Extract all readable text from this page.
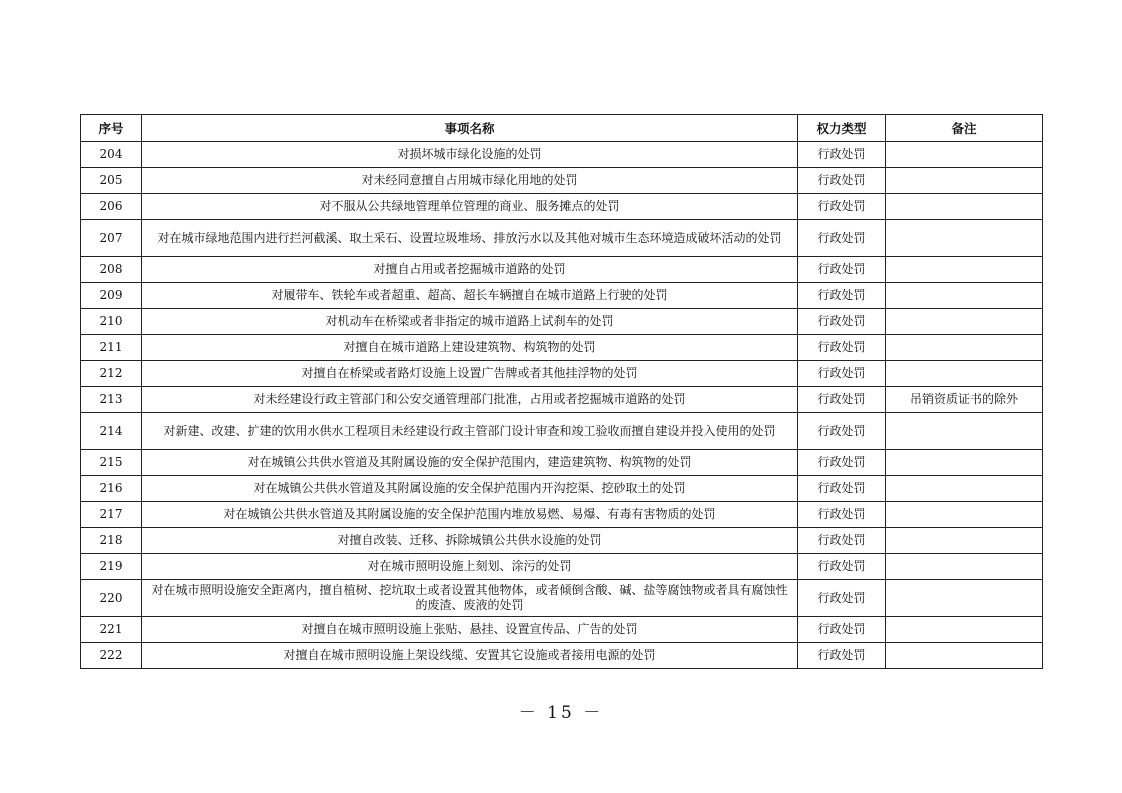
序号	事项名称	权力类型	备注
204	对损坏城市绿化设施的处罚	行政处罚	
205	对未经同意擅自占用城市绿化用地的处罚	行政处罚	
206	对不服从公共绿地管理单位管理的商业、服务摊点的处罚	行政处罚	
207	对在城市绿地范围内进行拦河截溪、取土采石、设置垃圾堆场、排放污水以及其他对城市生态环境造成破坏活动的处罚	行政处罚	
208	对擅自占用或者挖掘城市道路的处罚	行政处罚	
209	对履带车、铁轮车或者超重、超高、超长车辆擅自在城市道路上行驶的处罚	行政处罚	
210	对机动车在桥梁或者非指定的城市道路上试刹车的处罚	行政处罚	
211	对擅自在城市道路上建设建筑物、构筑物的处罚	行政处罚	
212	对擅自在桥梁或者路灯设施上设置广告牌或者其他挂浮物的处罚	行政处罚	
213	对未经建设行政主管部门和公安交通管理部门批准，占用或者挖掘城市道路的处罚	行政处罚	吊销资质证书的除外
214	对新建、改建、扩建的饮用水供水工程项目未经建设行政主管部门设计审查和竣工验收而擅自建设并投入使用的处罚	行政处罚	
215	对在城镇公共供水管道及其附属设施的安全保护范围内，建造建筑物、构筑物的处罚	行政处罚	
216	对在城镇公共供水管道及其附属设施的安全保护范围内开沟挖渠、挖砂取土的处罚	行政处罚	
217	对在城镇公共供水管道及其附属设施的安全保护范围内堆放易燃、易爆、有毒有害物质的处罚	行政处罚	
218	对擅自改装、迁移、拆除城镇公共供水设施的处罚	行政处罚	
219	对在城市照明设施上刻划、涂污的处罚	行政处罚	
220	对在城市照明设施安全距离内，擅自植树、挖坑取土或者设置其他物体，或者倾倒含酸、碱、盐等腐蚀物或者具有腐蚀性的废渣、废液的处罚	行政处罚	
221	对擅自在城市照明设施上张贴、悬挂、设置宣传品、广告的处罚	行政处罚	
222	对擅自在城市照明设施上架设线缆、安置其它设施或者接用电源的处罚	行政处罚	
－ 15 －
